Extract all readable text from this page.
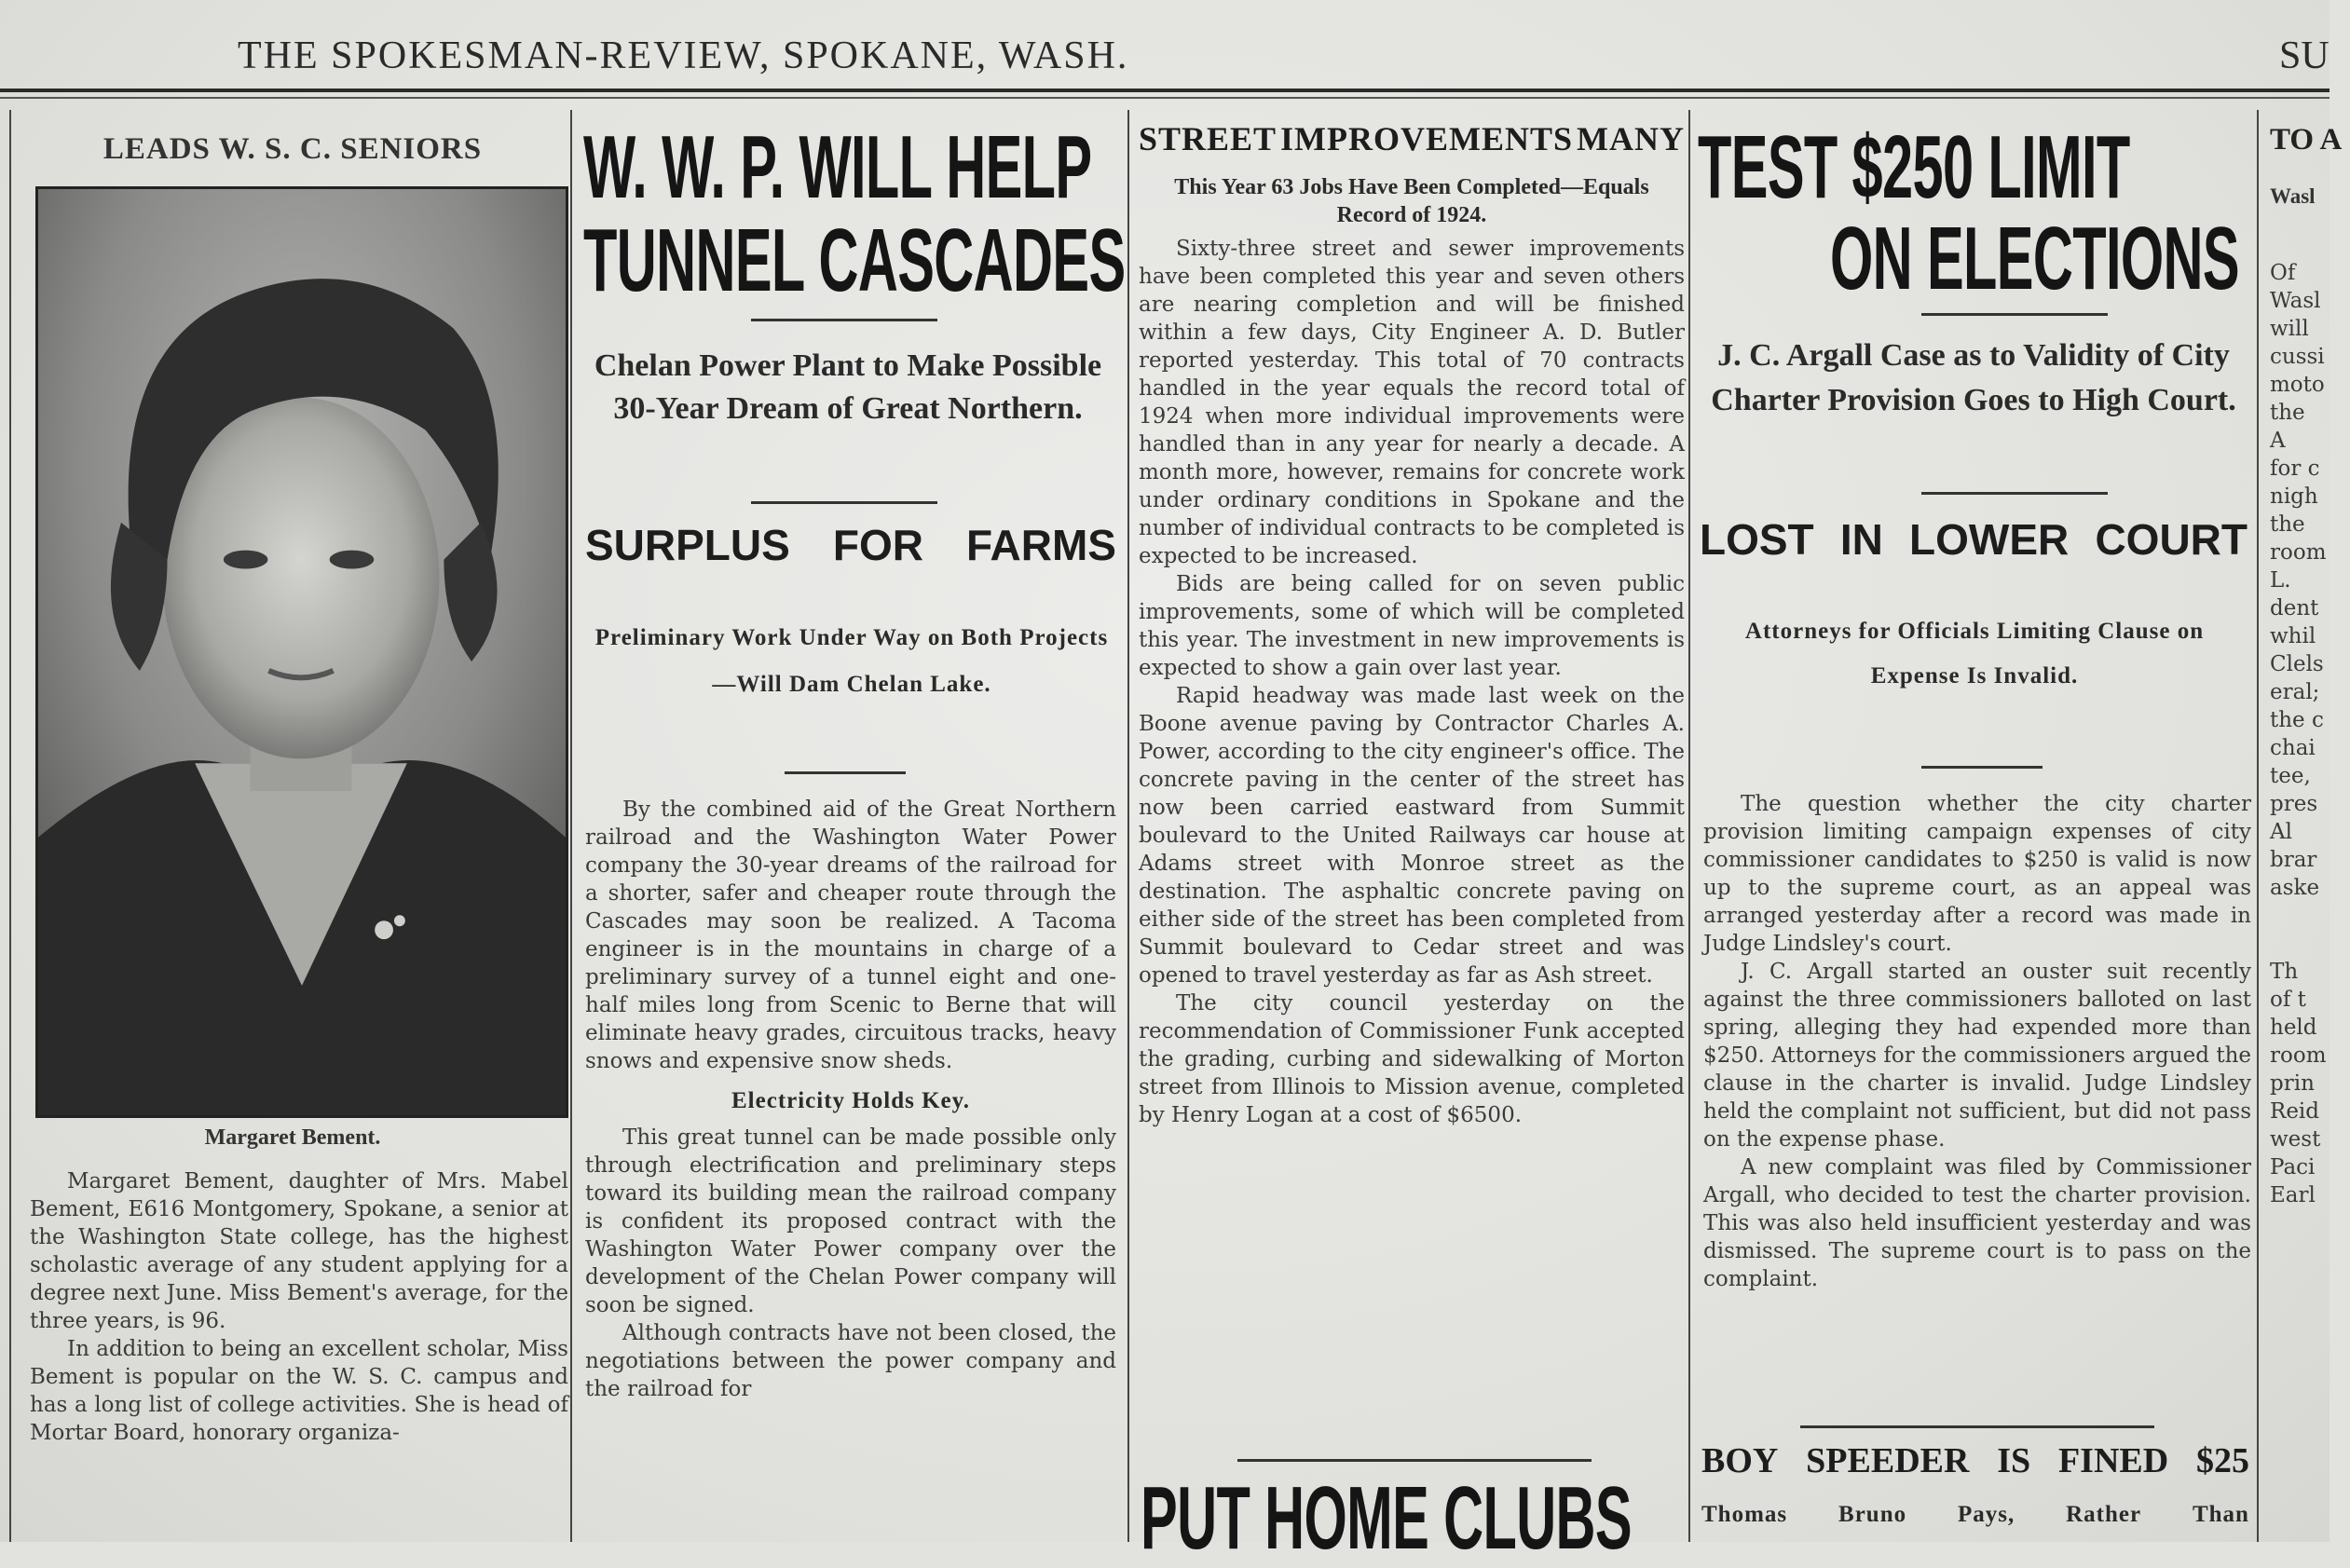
THE SPOKESMAN-REVIEW, SPOKANE, WASH.	SU
LEADS W. S. C. SENIORS
Margaret Bement.

Margaret Bement, daughter of Mrs. Mabel Bement, E616 Montgomery, Spokane, a senior at the Washington State college, has the highest scholastic average of any student applying for a degree next June. Miss Bement's average, for the three years, is 96.

In addition to being an excellent scholar, Miss Bement is popular on the W. S. C. campus and has a long list of college activities. She is head of Mortar Board, honorary organiza-

W. W. P. WILL HELP
TUNNEL CASCADES
Chelan Power Plant to Make Possible 30-Year Dream of Great Northern.
SURPLUS FOR FARMS
Preliminary Work Under Way on Both Projects—Will Dam Chelan Lake.

By the combined aid of the Great Northern railroad and the Washington Water Power company the 30-year dreams of the railroad for a shorter, safer and cheaper route through the Cascades may soon be realized. A Tacoma engineer is in the mountains in charge of a preliminary survey of a tunnel eight and one-half miles long from Scenic to Berne that will eliminate heavy grades, circuitous tracks, heavy snows and expensive snow sheds.

Electricity Holds Key.

This great tunnel can be made possible only through electrification and preliminary steps toward its building mean the railroad company is confident its proposed contract with the Washington Water Power company over the development of the Chelan Power company will soon be signed.

Although contracts have not been closed, the negotiations between the power company and the railroad for

STREET IMPROVEMENTS MANY
This Year 63 Jobs Have Been Completed—Equals Record of 1924.

Sixty-three street and sewer improvements have been completed this year and seven others are nearing completion and will be finished within a few days, City Engineer A. D. Butler reported yesterday. This total of 70 contracts handled in the year equals the record total of 1924 when more individual improvements were handled than in any year for nearly a decade. A month more, however, remains for concrete work under ordinary conditions in Spokane and the number of individual contracts to be completed is expected to be increased.

Bids are being called for on seven public improvements, some of which will be completed this year. The investment in new improvements is expected to show a gain over last year.

Rapid headway was made last week on the Boone avenue paving by Contractor Charles A. Power, according to the city engineer's office. The concrete paving in the center of the street has now been carried eastward from Summit boulevard to the United Railways car house at Adams street with Monroe street as the destination. The asphaltic concrete paving on either side of the street has been completed from Summit boulevard to Cedar street and was opened to travel yesterday as far as Ash street.

The city council yesterday on the recommendation of Commissioner Funk accepted the grading, curbing and sidewalking of Morton street from Illinois to Mission avenue, completed by Henry Logan at a cost of $6500.

PUT HOME CLUBS
TEST $250 LIMIT
ON ELECTIONS
J. C. Argall Case as to Validity of City Charter Provision Goes to High Court.
LOST IN LOWER COURT
Attorneys for Officials Limiting Clause on Expense Is Invalid.

The question whether the city charter provision limiting campaign expenses of city commissioner candidates to $250 is valid is now up to the supreme court, as an appeal was arranged yesterday after a record was made in Judge Lindsley's court.

J. C. Argall started an ouster suit recently against the three commissioners balloted on last spring, alleging they had expended more than $250. Attorneys for the commissioners argued the clause in the charter is invalid. Judge Lindsley held the complaint not sufficient, but did not pass on the expense phase.

A new complaint was filed by Commissioner Argall, who decided to test the charter provision. This was also held insufficient yesterday and was dismissed. The supreme court is to pass on the complaint.

BOY SPEEDER IS FINED $25
Thomas Bruno Pays, Rather Than
TO A
Wasl
Of
Wasl
will
cussi
moto
the
A
for c
nigh
the
room
L.
dent
whil
Clels
eral;
the c
chai
tee,
pres
Al
brar
aske

Th
of t
held
room
prin
Reid
west
Paci
Earl
